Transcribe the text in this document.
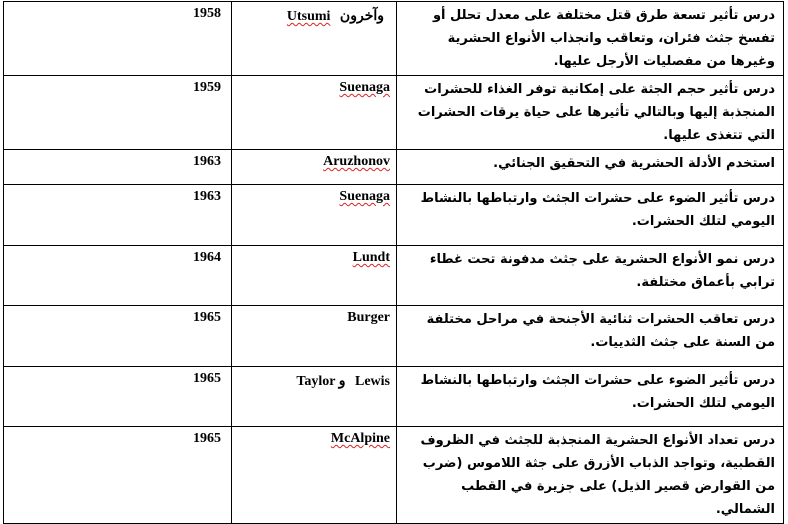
1958	Utsumi وآخرون	درس تأثير تسعة طرق قتل مختلفة على معدل تحلل أو تفسخ جثث فئران، وتعاقب وانجذاب الأنواع الحشرية وغيرها من مفصليات الأرجل عليها.

1959	Suenaga	درس تأثير حجم الجثة على إمكانية توفر الغذاء للحشرات المنجذبة إليها وبالتالي تأثيرها على حياة يرقات الحشرات التي تتغذى عليها.

1963	Aruzhonov	استخدم الأدلة الحشرية في التحقيق الجنائي.

1963	Suenaga	درس تأثير الضوء على حشرات الجثث وارتباطها بالنشاط اليومي لتلك الحشرات.

1964	Lundt	درس نمو الأنواع الحشرية على جثث مدفونة تحت غطاء ترابي بأعماق مختلفة.

1965	Burger	درس تعاقب الحشرات ثنائية الأجنحة في مراحل مختلفة من السنة على جثث الثدييات.

1965	Taylor و Lewis	درس تأثير الضوء على حشرات الجثث وارتباطها بالنشاط اليومي لتلك الحشرات.

1965	McAlpine	درس تعداد الأنواع الحشرية المنجذبة للجثث في الظروف القطبية، وتواجد الذباب الأزرق على جثة اللاموس (ضرب من القوارض قصير الذيل) على جزيرة في القطب الشمالي.
